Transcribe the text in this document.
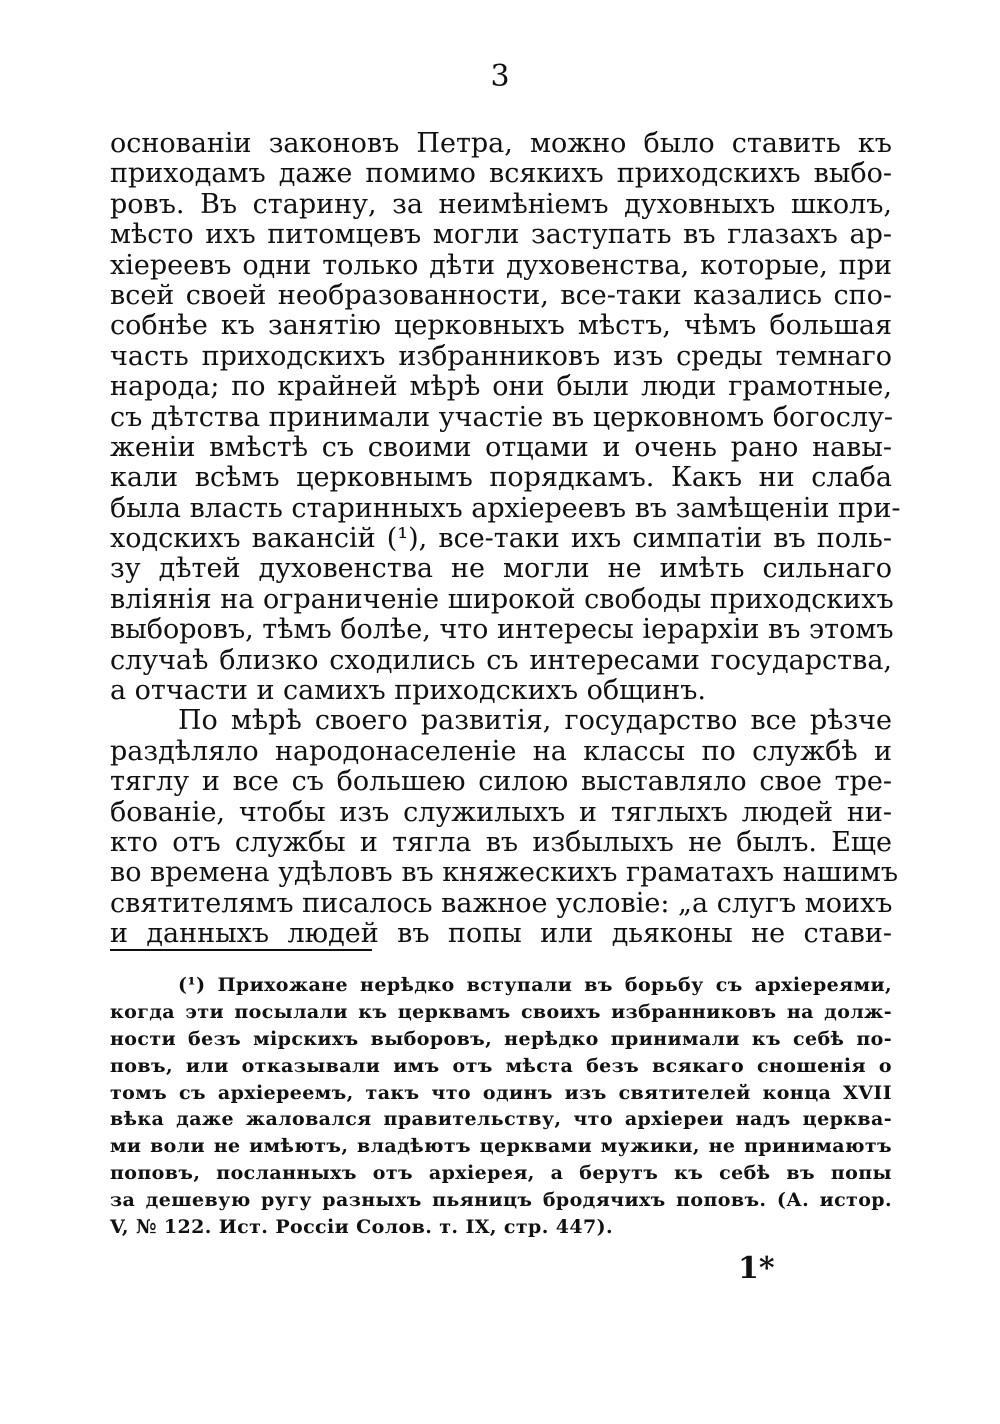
3
основаніи законовъ Петра, можно было ставить къ
приходамъ даже помимо всякихъ приходскихъ выбо-
ровъ. Въ старину, за неимѣніемъ духовныхъ школъ,
мѣсто ихъ питомцевъ могли заступать въ глазахъ ар-
хіереевъ одни только дѣти духовенства, которые, при
всей своей необразованности, все-таки казались спо-
собнѣе къ занятію церковныхъ мѣстъ, чѣмъ большая
часть приходскихъ избранниковъ изъ среды темнаго
народа; по крайней мѣрѣ они были люди грамотные,
съ дѣтства принимали участіе въ церковномъ богослу-
женіи вмѣстѣ съ своими отцами и очень рано навы-
кали всѣмъ церковнымъ порядкамъ. Какъ ни слаба
была власть старинныхъ архіереевъ въ замѣщеніи при-
ходскихъ вакансій (¹), все-таки ихъ симпатіи въ поль-
зу дѣтей духовенства не могли не имѣть сильнаго
вліянія на ограниченіе широкой свободы приходскихъ
выборовъ, тѣмъ болѣе, что интересы іерархіи въ этомъ
случаѣ близко сходились съ интересами государства,
а отчасти и самихъ приходскихъ общинъ.
По мѣрѣ своего развитія, государство все рѣзче
раздѣляло народонаселеніе на классы по службѣ и
тяглу и все съ большею силою выставляло свое тре-
бованіе, чтобы изъ служилыхъ и тяглыхъ людей ни-
кто отъ службы и тягла въ избылыхъ не былъ. Еще
во времена удѣловъ въ княжескихъ граматахъ нашимъ
святителямъ писалось важное условіе: „а слугъ моихъ
и данныхъ людей въ попы или дьяконы не стави-
(¹) Прихожане нерѣдко вступали въ борьбу съ архіереями,
когда эти посылали къ церквамъ своихъ избранниковъ на долж-
ности безъ мірскихъ выборовъ, нерѣдко принимали къ себѣ по-
повъ, или отказывали имъ отъ мѣста безъ всякаго сношенія о
томъ съ архіереемъ, такъ что одинъ изъ святителей конца XVII
вѣка даже жаловался правительству, что архіереи надъ церква-
ми воли не имѣютъ, владѣютъ церквами мужики, не принимаютъ
поповъ, посланныхъ отъ архіерея, а берутъ къ себѣ въ попы
за дешевую ругу разныхъ пьяницъ бродячихъ поповъ. (А. истор.
V, № 122. Ист. Россіи Солов. т. IX, стр. 447).
1*
